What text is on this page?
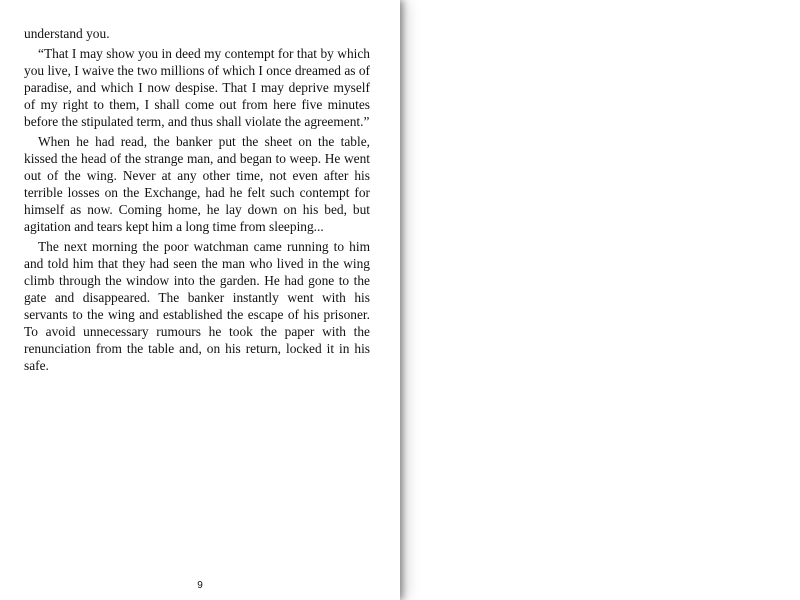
understand you.

“That I may show you in deed my contempt for that by which you live, I waive the two millions of which I once dreamed as of paradise, and which I now despise. That I may deprive myself of my right to them, I shall come out from here five minutes before the stipulated term, and thus shall violate the agreement.”

When he had read, the banker put the sheet on the table, kissed the head of the strange man, and began to weep. He went out of the wing. Never at any other time, not even after his terrible losses on the Exchange, had he felt such contempt for himself as now. Coming home, he lay down on his bed, but agitation and tears kept him a long time from sleeping...

The next morning the poor watchman came running to him and told him that they had seen the man who lived in the wing climb through the window into the garden. He had gone to the gate and disappeared. The banker instantly went with his servants to the wing and established the escape of his prisoner. To avoid unnecessary rumours he took the paper with the renunciation from the table and, on his return, locked it in his safe.

9
